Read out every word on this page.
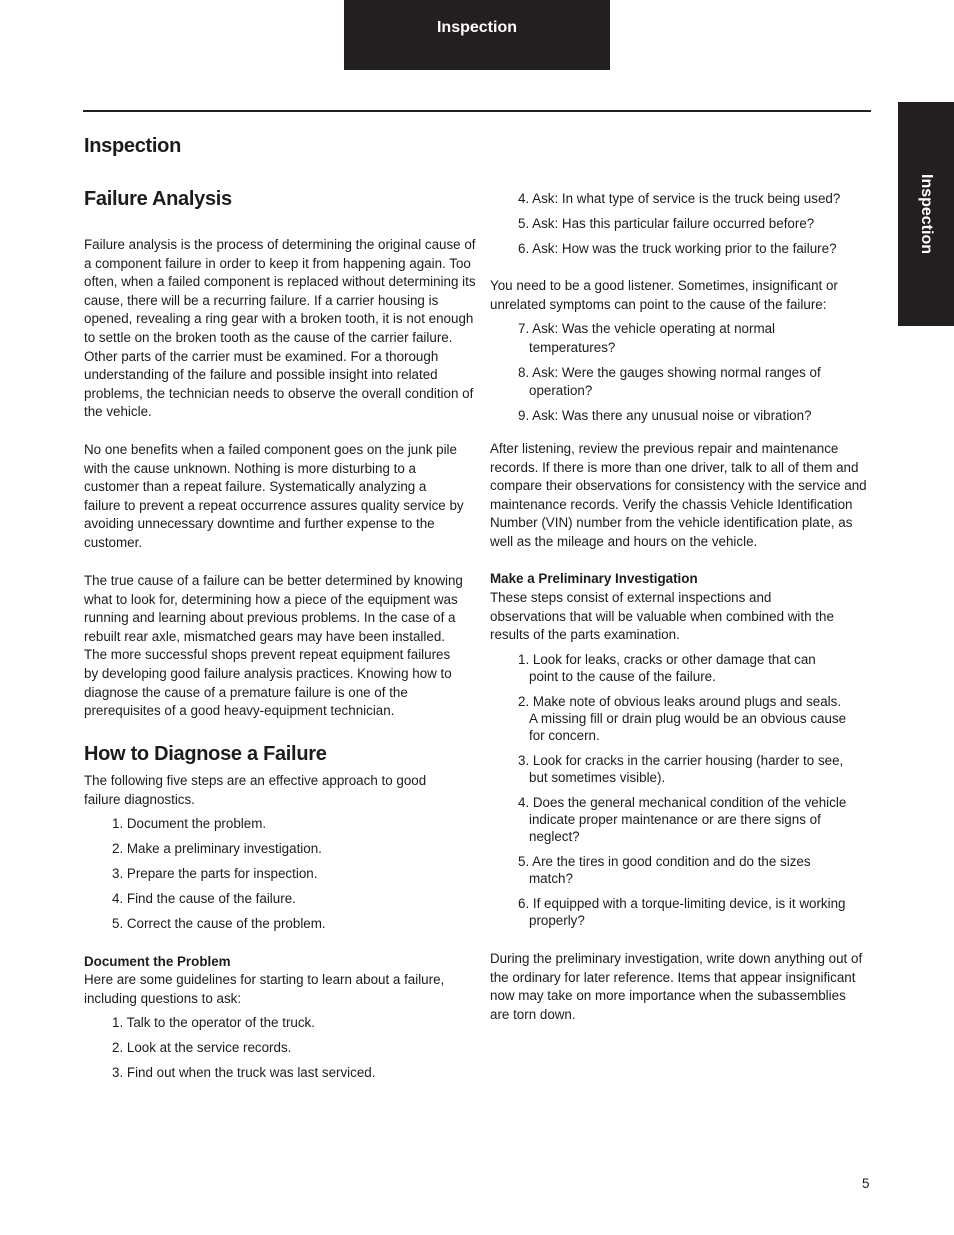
Inspection
Inspection
Inspection
Failure Analysis

Failure analysis is the process of determining the original cause of a component failure in order to keep it from happening again. Too often, when a failed component is replaced without determining its cause, there will be a recurring failure. If a carrier housing is opened, revealing a ring gear with a broken tooth, it is not enough to settle on the broken tooth as the cause of the carrier failure. Other parts of the carrier must be examined. For a thorough understanding of the failure and possible insight into related problems, the technician needs to observe the overall condition of the vehicle.

No one benefits when a failed component goes on the junk pile with the cause unknown. Nothing is more disturbing to a customer than a repeat failure. Systematically analyzing a failure to prevent a repeat occurrence assures quality service by avoiding unnecessary downtime and further expense to the customer.

The true cause of a failure can be better determined by knowing what to look for, determining how a piece of the equipment was running and learning about previous problems. In the case of a rebuilt rear axle, mismatched gears may have been installed. The more successful shops prevent repeat equipment failures by developing good failure analysis practices. Knowing how to diagnose the cause of a premature failure is one of the prerequisites of a good heavy-equipment technician.

How to Diagnose a Failure

The following five steps are an effective approach to good failure diagnostics.

1. Document the problem.
2. Make a preliminary investigation.
3. Prepare the parts for inspection.
4. Find the cause of the failure.
5. Correct the cause of the problem.
Document the Problem

Here are some guidelines for starting to learn about a failure, including questions to ask:

1. Talk to the operator of the truck.
2. Look at the service records.
3. Find out when the truck was last serviced.
4. Ask: In what type of service is the truck being used?
5. Ask: Has this particular failure occurred before?
6. Ask: How was the truck working prior to the failure?

You need to be a good listener. Sometimes, insignificant or unrelated symptoms can point to the cause of the failure:

7. Ask: Was the vehicle operating at normal temperatures?
8. Ask: Were the gauges showing normal ranges of operation?
9. Ask: Was there any unusual noise or vibration?

After listening, review the previous repair and maintenance records. If there is more than one driver, talk to all of them and compare their observations for consistency with the service and maintenance records. Verify the chassis Vehicle Identification Number (VIN) number from the vehicle identification plate, as well as the mileage and hours on the vehicle.

Make a Preliminary Investigation

These steps consist of external inspections and observations that will be valuable when combined with the results of the parts examination.

1. Look for leaks, cracks or other damage that can point to the cause of the failure.
2. Make note of obvious leaks around plugs and seals. A missing fill or drain plug would be an obvious cause for concern.
3. Look for cracks in the carrier housing (harder to see, but sometimes visible).
4. Does the general mechanical condition of the vehicle indicate proper maintenance or are there signs of neglect?
5. Are the tires in good condition and do the sizes match?
6. If equipped with a torque-limiting device, is it working properly?

During the preliminary investigation, write down anything out of the ordinary for later reference. Items that appear insignificant now may take on more importance when the subassemblies are torn down.

5
